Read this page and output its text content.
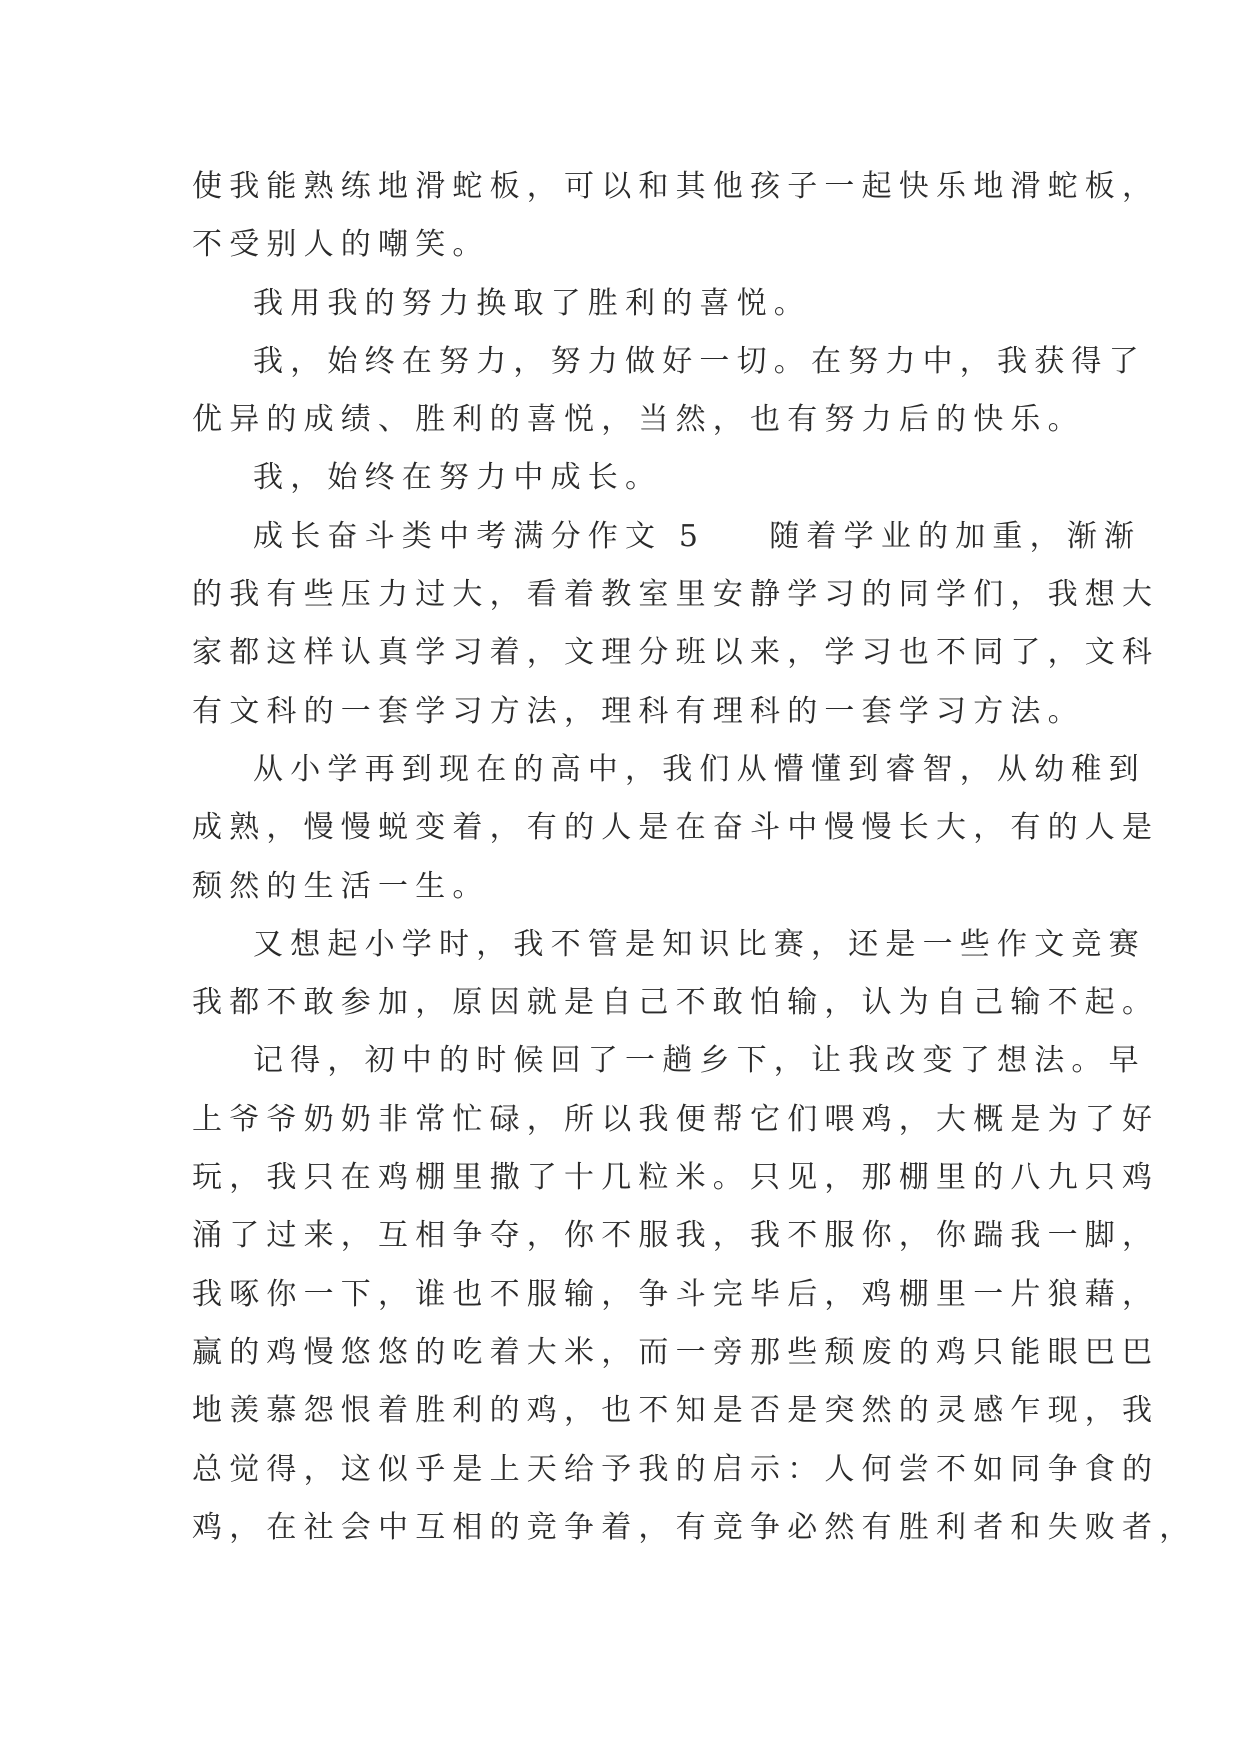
使我能熟练地滑蛇板，可以和其他孩子一起快乐地滑蛇板，
不受别人的嘲笑。
我用我的努力换取了胜利的喜悦。
我，始终在努力，努力做好一切。在努力中，我获得了
优异的成绩、胜利的喜悦，当然，也有努力后的快乐。
我，始终在努力中成长。
成长奋斗类中考满分作文 5 随着学业的加重，渐渐
的我有些压力过大，看着教室里安静学习的同学们，我想大
家都这样认真学习着，文理分班以来，学习也不同了，文科
有文科的一套学习方法，理科有理科的一套学习方法。
从小学再到现在的高中，我们从懵懂到睿智，从幼稚到
成熟，慢慢蜕变着，有的人是在奋斗中慢慢长大，有的人是
颓然的生活一生。
又想起小学时，我不管是知识比赛，还是一些作文竞赛
我都不敢参加，原因就是自己不敢怕输，认为自己输不起。
记得，初中的时候回了一趟乡下，让我改变了想法。早
上爷爷奶奶非常忙碌，所以我便帮它们喂鸡，大概是为了好
玩，我只在鸡棚里撒了十几粒米。只见，那棚里的八九只鸡
涌了过来，互相争夺，你不服我，我不服你，你踹我一脚，
我啄你一下，谁也不服输，争斗完毕后，鸡棚里一片狼藉，
赢的鸡慢悠悠的吃着大米，而一旁那些颓废的鸡只能眼巴巴
地羡慕怨恨着胜利的鸡，也不知是否是突然的灵感乍现，我
总觉得，这似乎是上天给予我的启示：人何尝不如同争食的
鸡，在社会中互相的竞争着，有竞争必然有胜利者和失败者，
